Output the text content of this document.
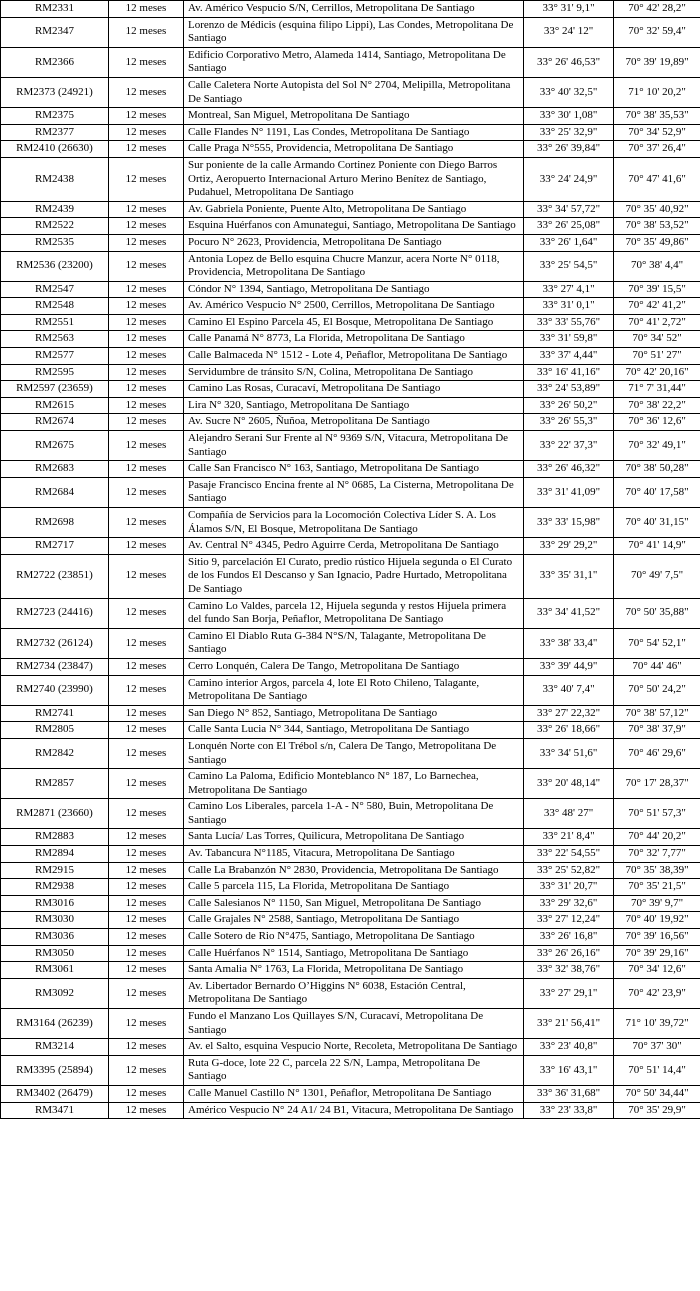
RM2331	12 meses	Av. Américo Vespucio S/N, Cerrillos, Metropolitana De Santiago	33° 31' 9,1"	70° 42' 28,2"
RM2347	12 meses	Lorenzo de Médicis (esquina filipo Lippi), Las Condes, Metropolitana De Santiago	33° 24' 12"	70° 32' 59,4"
RM2366	12 meses	Edificio Corporativo Metro, Alameda 1414, Santiago, Metropolitana De Santiago	33° 26' 46,53"	70° 39' 19,89"
RM2373 (24921)	12 meses	Calle Caletera Norte Autopista del Sol N° 2704, Melipilla, Metropolitana De Santiago	33° 40' 32,5"	71° 10' 20,2"
RM2375	12 meses	Montreal, San Miguel, Metropolitana De Santiago	33° 30' 1,08"	70° 38' 35,53"
RM2377	12 meses	Calle Flandes N° 1191, Las Condes, Metropolitana De Santiago	33° 25' 32,9"	70° 34' 52,9"
RM2410 (26630)	12 meses	Calle Praga N°555, Providencia, Metropolitana De Santiago	33° 26' 39,84"	70° 37' 26,4"
RM2438	12 meses	Sur poniente de la calle Armando Cortinez Poniente con Diego Barros Ortiz, Aeropuerto Internacional Arturo Merino Benítez de Santiago, Pudahuel, Metropolitana De Santiago	33° 24' 24,9"	70° 47' 41,6"
RM2439	12 meses	Av. Gabriela Poniente, Puente Alto, Metropolitana De Santiago	33° 34' 57,72"	70° 35' 40,92"
RM2522	12 meses	Esquina Huérfanos con Amunategui, Santiago, Metropolitana De Santiago	33° 26' 25,08"	70° 38' 53,52"
RM2535	12 meses	Pocuro N° 2623, Providencia, Metropolitana De Santiago	33° 26' 1,64"	70° 35' 49,86"
RM2536 (23200)	12 meses	Antonia Lopez de Bello esquina Chucre Manzur, acera Norte N° 0118, Providencia, Metropolitana De Santiago	33° 25' 54,5"	70° 38' 4,4"
RM2547	12 meses	Cóndor N° 1394, Santiago, Metropolitana De Santiago	33° 27' 4,1"	70° 39' 15,5"
RM2548	12 meses	Av. Américo Vespucio N° 2500, Cerrillos, Metropolitana De Santiago	33° 31' 0,1"	70° 42' 41,2"
RM2551	12 meses	Camino El Espino Parcela 45, El Bosque, Metropolitana De Santiago	33° 33' 55,76"	70° 41' 2,72"
RM2563	12 meses	Calle Panamá N° 8773, La Florida, Metropolitana De Santiago	33° 31' 59,8"	70° 34' 52"
RM2577	12 meses	Calle Balmaceda N° 1512 - Lote 4, Peñaflor, Metropolitana De Santiago	33° 37' 4,44"	70° 51' 27"
RM2595	12 meses	Servidumbre de tránsito S/N, Colina, Metropolitana De Santiago	33° 16' 41,16"	70° 42' 20,16"
RM2597 (23659)	12 meses	Camino Las Rosas, Curacaví, Metropolitana De Santiago	33° 24' 53,89"	71° 7' 31,44"
RM2615	12 meses	Lira N° 320, Santiago, Metropolitana De Santiago	33° 26' 50,2"	70° 38' 22,2"
RM2674	12 meses	Av. Sucre N° 2605, Ñuñoa, Metropolitana De Santiago	33° 26' 55,3"	70° 36' 12,6"
RM2675	12 meses	Alejandro Serani Sur Frente al N° 9369 S/N, Vitacura, Metropolitana De Santiago	33° 22' 37,3"	70° 32' 49,1"
RM2683	12 meses	Calle San Francisco N° 163, Santiago, Metropolitana De Santiago	33° 26' 46,32"	70° 38' 50,28"
RM2684	12 meses	Pasaje Francisco Encina frente al N° 0685, La Cisterna, Metropolitana De Santiago	33° 31' 41,09"	70° 40' 17,58"
RM2698	12 meses	Compañía de Servicios para la Locomoción Colectiva Líder S. A. Los Álamos S/N, El Bosque, Metropolitana De Santiago	33° 33' 15,98"	70° 40' 31,15"
RM2717	12 meses	Av. Central N° 4345, Pedro Aguirre Cerda, Metropolitana De Santiago	33° 29' 29,2"	70° 41' 14,9"
RM2722 (23851)	12 meses	Sitio 9, parcelación El Curato, predio rústico Hijuela segunda o El Curato de los Fundos El Descanso y San Ignacio, Padre Hurtado, Metropolitana De Santiago	33° 35' 31,1"	70° 49' 7,5"
RM2723 (24416)	12 meses	Camino Lo Valdes, parcela 12, Hijuela segunda y restos Hijuela primera del fundo San Borja, Peñaflor, Metropolitana De Santiago	33° 34' 41,52"	70° 50' 35,88"
RM2732 (26124)	12 meses	Camino El Diablo Ruta G-384 N°S/N, Talagante, Metropolitana De Santiago	33° 38' 33,4"	70° 54' 52,1"
RM2734 (23847)	12 meses	Cerro Lonquén, Calera De Tango, Metropolitana De Santiago	33° 39' 44,9"	70° 44' 46"
RM2740 (23990)	12 meses	Camino interior Argos, parcela 4, lote El Roto Chileno, Talagante, Metropolitana De Santiago	33° 40' 7,4"	70° 50' 24,2"
RM2741	12 meses	San Diego N° 852, Santiago, Metropolitana De Santiago	33° 27' 22,32"	70° 38' 57,12"
RM2805	12 meses	Calle Santa Lucia N° 344, Santiago, Metropolitana De Santiago	33° 26' 18,66"	70° 38' 37,9"
RM2842	12 meses	Lonquén Norte con El Trébol s/n, Calera De Tango, Metropolitana De Santiago	33° 34' 51,6"	70° 46' 29,6"
RM2857	12 meses	Camino La Paloma, Edificio Monteblanco N° 187, Lo Barnechea, Metropolitana De Santiago	33° 20' 48,14"	70° 17' 28,37"
RM2871 (23660)	12 meses	Camino Los Liberales, parcela 1-A - N° 580, Buin, Metropolitana De Santiago	33° 48' 27"	70° 51' 57,3"
RM2883	12 meses	Santa Lucía/ Las Torres, Quilicura, Metropolitana De Santiago	33° 21' 8,4"	70° 44' 20,2"
RM2894	12 meses	Av. Tabancura N°1185, Vitacura, Metropolitana De Santiago	33° 22' 54,55"	70° 32' 7,77"
RM2915	12 meses	Calle La Brabanzón N° 2830, Providencia, Metropolitana De Santiago	33° 25' 52,82"	70° 35' 38,39"
RM2938	12 meses	Calle 5 parcela 115, La Florida, Metropolitana De Santiago	33° 31' 20,7"	70° 35' 21,5"
RM3016	12 meses	Calle Salesianos N° 1150, San Miguel, Metropolitana De Santiago	33° 29' 32,6"	70° 39' 9,7"
RM3030	12 meses	Calle Grajales N° 2588, Santiago, Metropolitana De Santiago	33° 27' 12,24"	70° 40' 19,92"
RM3036	12 meses	Calle Sotero de Rio N°475, Santiago, Metropolitana De Santiago	33° 26' 16,8"	70° 39' 16,56"
RM3050	12 meses	Calle Huérfanos N° 1514, Santiago, Metropolitana De Santiago	33° 26' 26,16"	70° 39' 29,16"
RM3061	12 meses	Santa Amalia N° 1763, La Florida, Metropolitana De Santiago	33° 32' 38,76"	70° 34' 12,6"
RM3092	12 meses	Av. Libertador Bernardo O’Higgins N° 6038, Estación Central, Metropolitana De Santiago	33° 27' 29,1"	70° 42' 23,9"
RM3164 (26239)	12 meses	Fundo el Manzano Los Quillayes S/N, Curacaví, Metropolitana De Santiago	33° 21' 56,41"	71° 10' 39,72"
RM3214	12 meses	Av. el Salto, esquina Vespucio Norte, Recoleta, Metropolitana De Santiago	33° 23' 40,8"	70° 37' 30"
RM3395 (25894)	12 meses	Ruta G-doce, lote 22 C, parcela 22 S/N, Lampa, Metropolitana De Santiago	33° 16' 43,1"	70° 51' 14,4"
RM3402 (26479)	12 meses	Calle Manuel Castillo N° 1301, Peñaflor, Metropolitana De Santiago	33° 36' 31,68"	70° 50' 34,44"
RM3471	12 meses	Américo Vespucio N° 24 A1/ 24 B1, Vitacura, Metropolitana De Santiago	33° 23' 33,8"	70° 35' 29,9"
